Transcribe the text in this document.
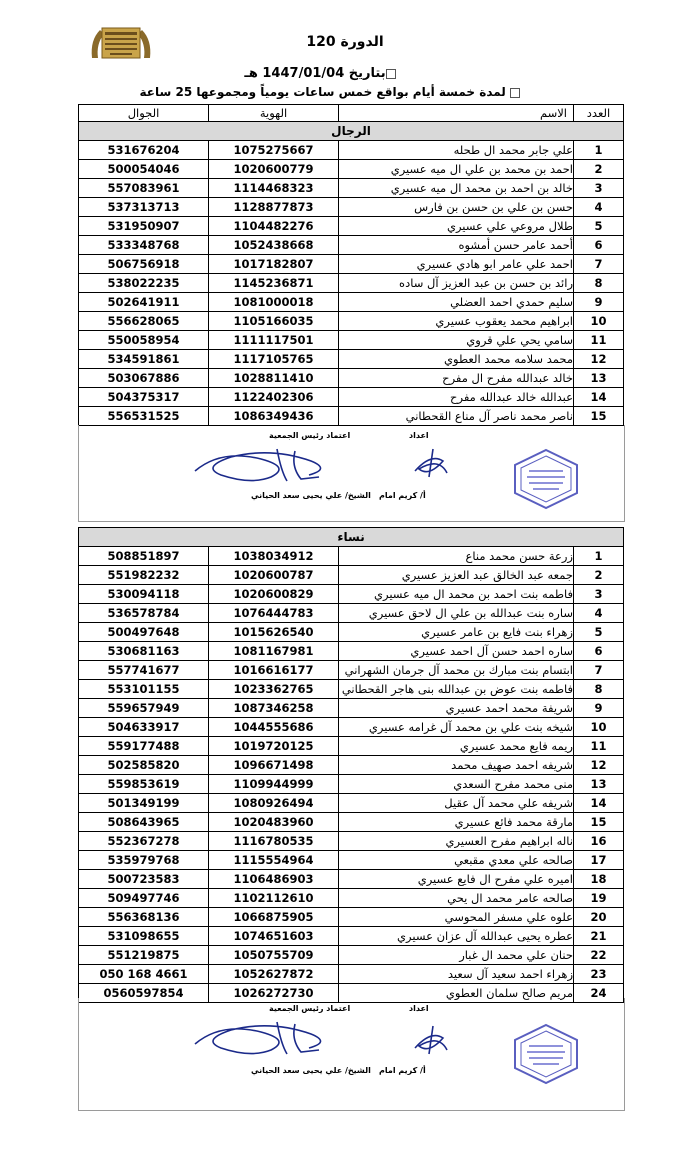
الدورة 120
بتاريخ 1447/01/04 هـ
لمدة خمسة أيام بواقع خمس ساعات يومياً ومجموعها 25 ساعة
الجوال	الهوية	الاسم	العدد
الرجال			
531676204	1075275667	علي جابر محمد ال طحله	1
500054046	1020600779	احمد بن محمد بن علي ال ميه عسيري	2
557083961	1114468323	خالد بن احمد بن محمد ال ميه عسيري	3
537313713	1128877873	حسن بن علي بن حسن بن فارس	4
531950907	1104482276	طلال مروعي علي عسيري	5
533348768	1052438668	أحمد عامر حسن أمشوه	6
506756918	1017182807	احمد علي عامر ابو هادي عسيري	7
538022235	1145236871	رائد بن حسن بن عبد العزيز آل ساده	8
502641911	1081000018	سليم حمدي احمد العضلي	9
556628065	1105166035	ابراهيم محمد يعقوب عسيري	10
550058954	1111117501	سامي يحي علي قروي	11
534591861	1117105765	محمد سلامه محمد العطوي	12
503067886	1028811410	خالد عبدالله مفرح ال مفرح	13
504375317	1122402306	عبدالله خالد عبدالله مفرح	14
556531525	1086349436	ناصر محمد ناصر آل مناع القحطاني	15
اعتماد رئيس الجمعية	اعداد
الشيخ/ علي يحيى سعد الحياني أ/ كريم امام
نساء			
508851897	1038034912	زرعة حسن محمد مناع	1
551982232	1020600787	جمعه عبد الخالق عبد العزيز عسيري	2
530094118	1020600829	فاطمه بنت احمد بن محمد ال ميه عسيري	3
536578784	1076444783	ساره بنت عبدالله بن علي ال لاحق عسيري	4
500497648	1015626540	زهراء بنت فايع بن عامر عسيري	5
530681163	1081167981	ساره احمد حسن آل احمد عسيري	6
557741677	1016616177	ابتسام بنت مبارك بن محمد آل جرمان الشهراني	7
553101155	1023362765	فاطمه بنت عوض بن عبدالله بنى هاجر القحطاني	8
559657949	1087346258	شريفة محمد احمد عسيري	9
504633917	1044555686	شيخه بنت علي بن محمد آل غرامه عسيري	10
559177488	1019720125	ريمه فايع محمد عسيري	11
502585820	1096671498	شريفه احمد صهيف محمد	12
559853619	1109944999	منى محمد مفرح السعدي	13
501349199	1080926494	شريفه علي محمد آل عقيل	14
508643965	1020483960	مارقة محمد فائع عسيري	15
552367278	1116780535	ناله ابراهيم مفرح العسيري	16
535979768	1115554964	صالحه علي معدي مقبعي	17
500723583	1106486903	اميره علي مفرح ال فايع عسيري	18
509497746	1102112610	صالحه عامر محمد ال يحي	19
556368136	1066875905	علوه علي مسفر المحوسي	20
531098655	1074651603	عطره يحيى عبدالله آل عزان عسيري	21
551219875	1050755709	حنان علي محمد ال غبار	22
050 168 4661	1052627872	زهراء احمد سعيد آل سعيد	23
0560597854	1026272730	مريم صالح سلمان العطوي	24
اعتماد رئيس الجمعية	اعداد
الشيخ/ علي يحيى سعد الحياني أ/ كريم امام
